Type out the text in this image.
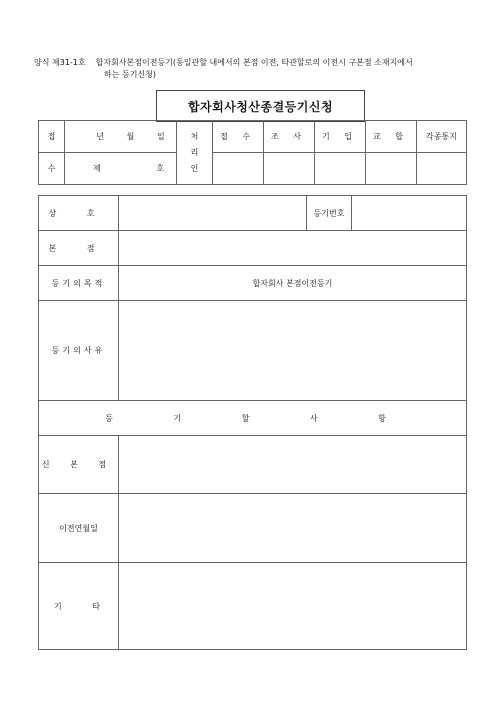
양식 제31-1호 합자회사본점이전등기(동일관할 내에서의 본점 이전, 타관할로의 이전시 구본점 소재지에서
하는 등기신청)
합자회사청산종결등기신청
접	년 월 일	처 리 인	접 수	조 사	기 입	교 합	각종통지
수	제 호						

상 호		등기번호	
본 점			
등기의목적	합자회사 본점이전등기		
등기의사유			
등 기 할 사 항			
신 본 점			
이전연월일			
기 타			
